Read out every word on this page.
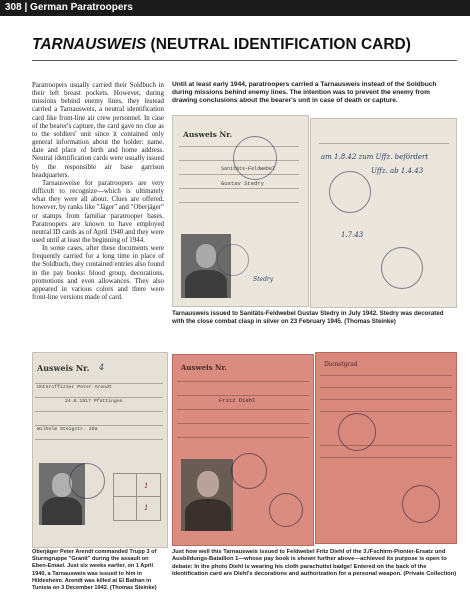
308 | German Paratroopers
TARNAUSWEIS (NEUTRAL IDENTIFICATION CARD)

Paratroopers usually carried their Soldbuch in their left breast pockets. However, during missions behind enemy lines, they instead carried a Tarnausweis, a neutral identification card like front-line air crew personnel. In case of the bearer's capture, the card gave no clue as to the soldiers' unit since it contained only general information about the holder: name, date and place of birth and home address. Neutral identification cards were usually issued by the responsible air base garrison headquarters.

Tarnausweise for paratroopers are very difficult to recognize—which is ultimately what they were all about. Clues are offered, however, by ranks like "Jäger" and "Oberjäger" or stamps from familiar paratrooper bases. Paratroopers are known to have employed neutral ID cards as of April 1940 and they were used until at least the beginning of 1944.

In some cases, after these documents were frequently carried for a long time in place of the Soldbuch, they contained entries also found in the pay books: blood group, decorations, promotions and even allowances. They also appeared in various colors and there were front-line versions made of card.

Until at least early 1944, paratroopers carried a Tarnausweis instead of the Soldbuch during missions behind enemy lines. The intention was to prevent the enemy from drawing conclusions about the bearer's unit in case of death or capture.
Ausweis Nr.
Sanitäts-Feldwebel
Gustav Stedry
Stedry
am 1.8.42 zum Uffz. befördert
Uffz. ab 1.4.43
1.7.43
Tarnausweis issued to Sanitäts-Feldwebel Gustav Stedry in July 1942. Stedry was decorated with the close combat clasp in silver on 23 February 1945. (Thomas Steinke)
Ausweis Nr. 4
Unteroffizier Peter Arendt
24.8.1917 Pfüttingen
Wilhelm Steigstr. 20a
1
1
Ausweis Nr.
Fritz Diehl
Dienstgrad
Oberjäger Peter Arendt commanded Trupp 3 of Sturmgruppe "Granit" during the assault on Eben-Emael. Just six weeks earlier, on 1 April 1940, a Tarnausweis was issued to him in Hildesheim. Arendt was killed at El Bathan in Tunisia on 3 December 1942. (Thomas Steinke)
Just how well this Tarnausweis issued to Feldwebel Fritz Diehl of the 3./Fschirm-Pionier-Ersatz und Ausbildungs-Bataillon 1—whose pay book is shown further above—achieved its purpose is open to debate: In the photo Diehl is wearing his cloth parachutist badge! Entered on the back of the identification card are Diehl's decorations and authorization for a personal weapon. (Private Collection)
